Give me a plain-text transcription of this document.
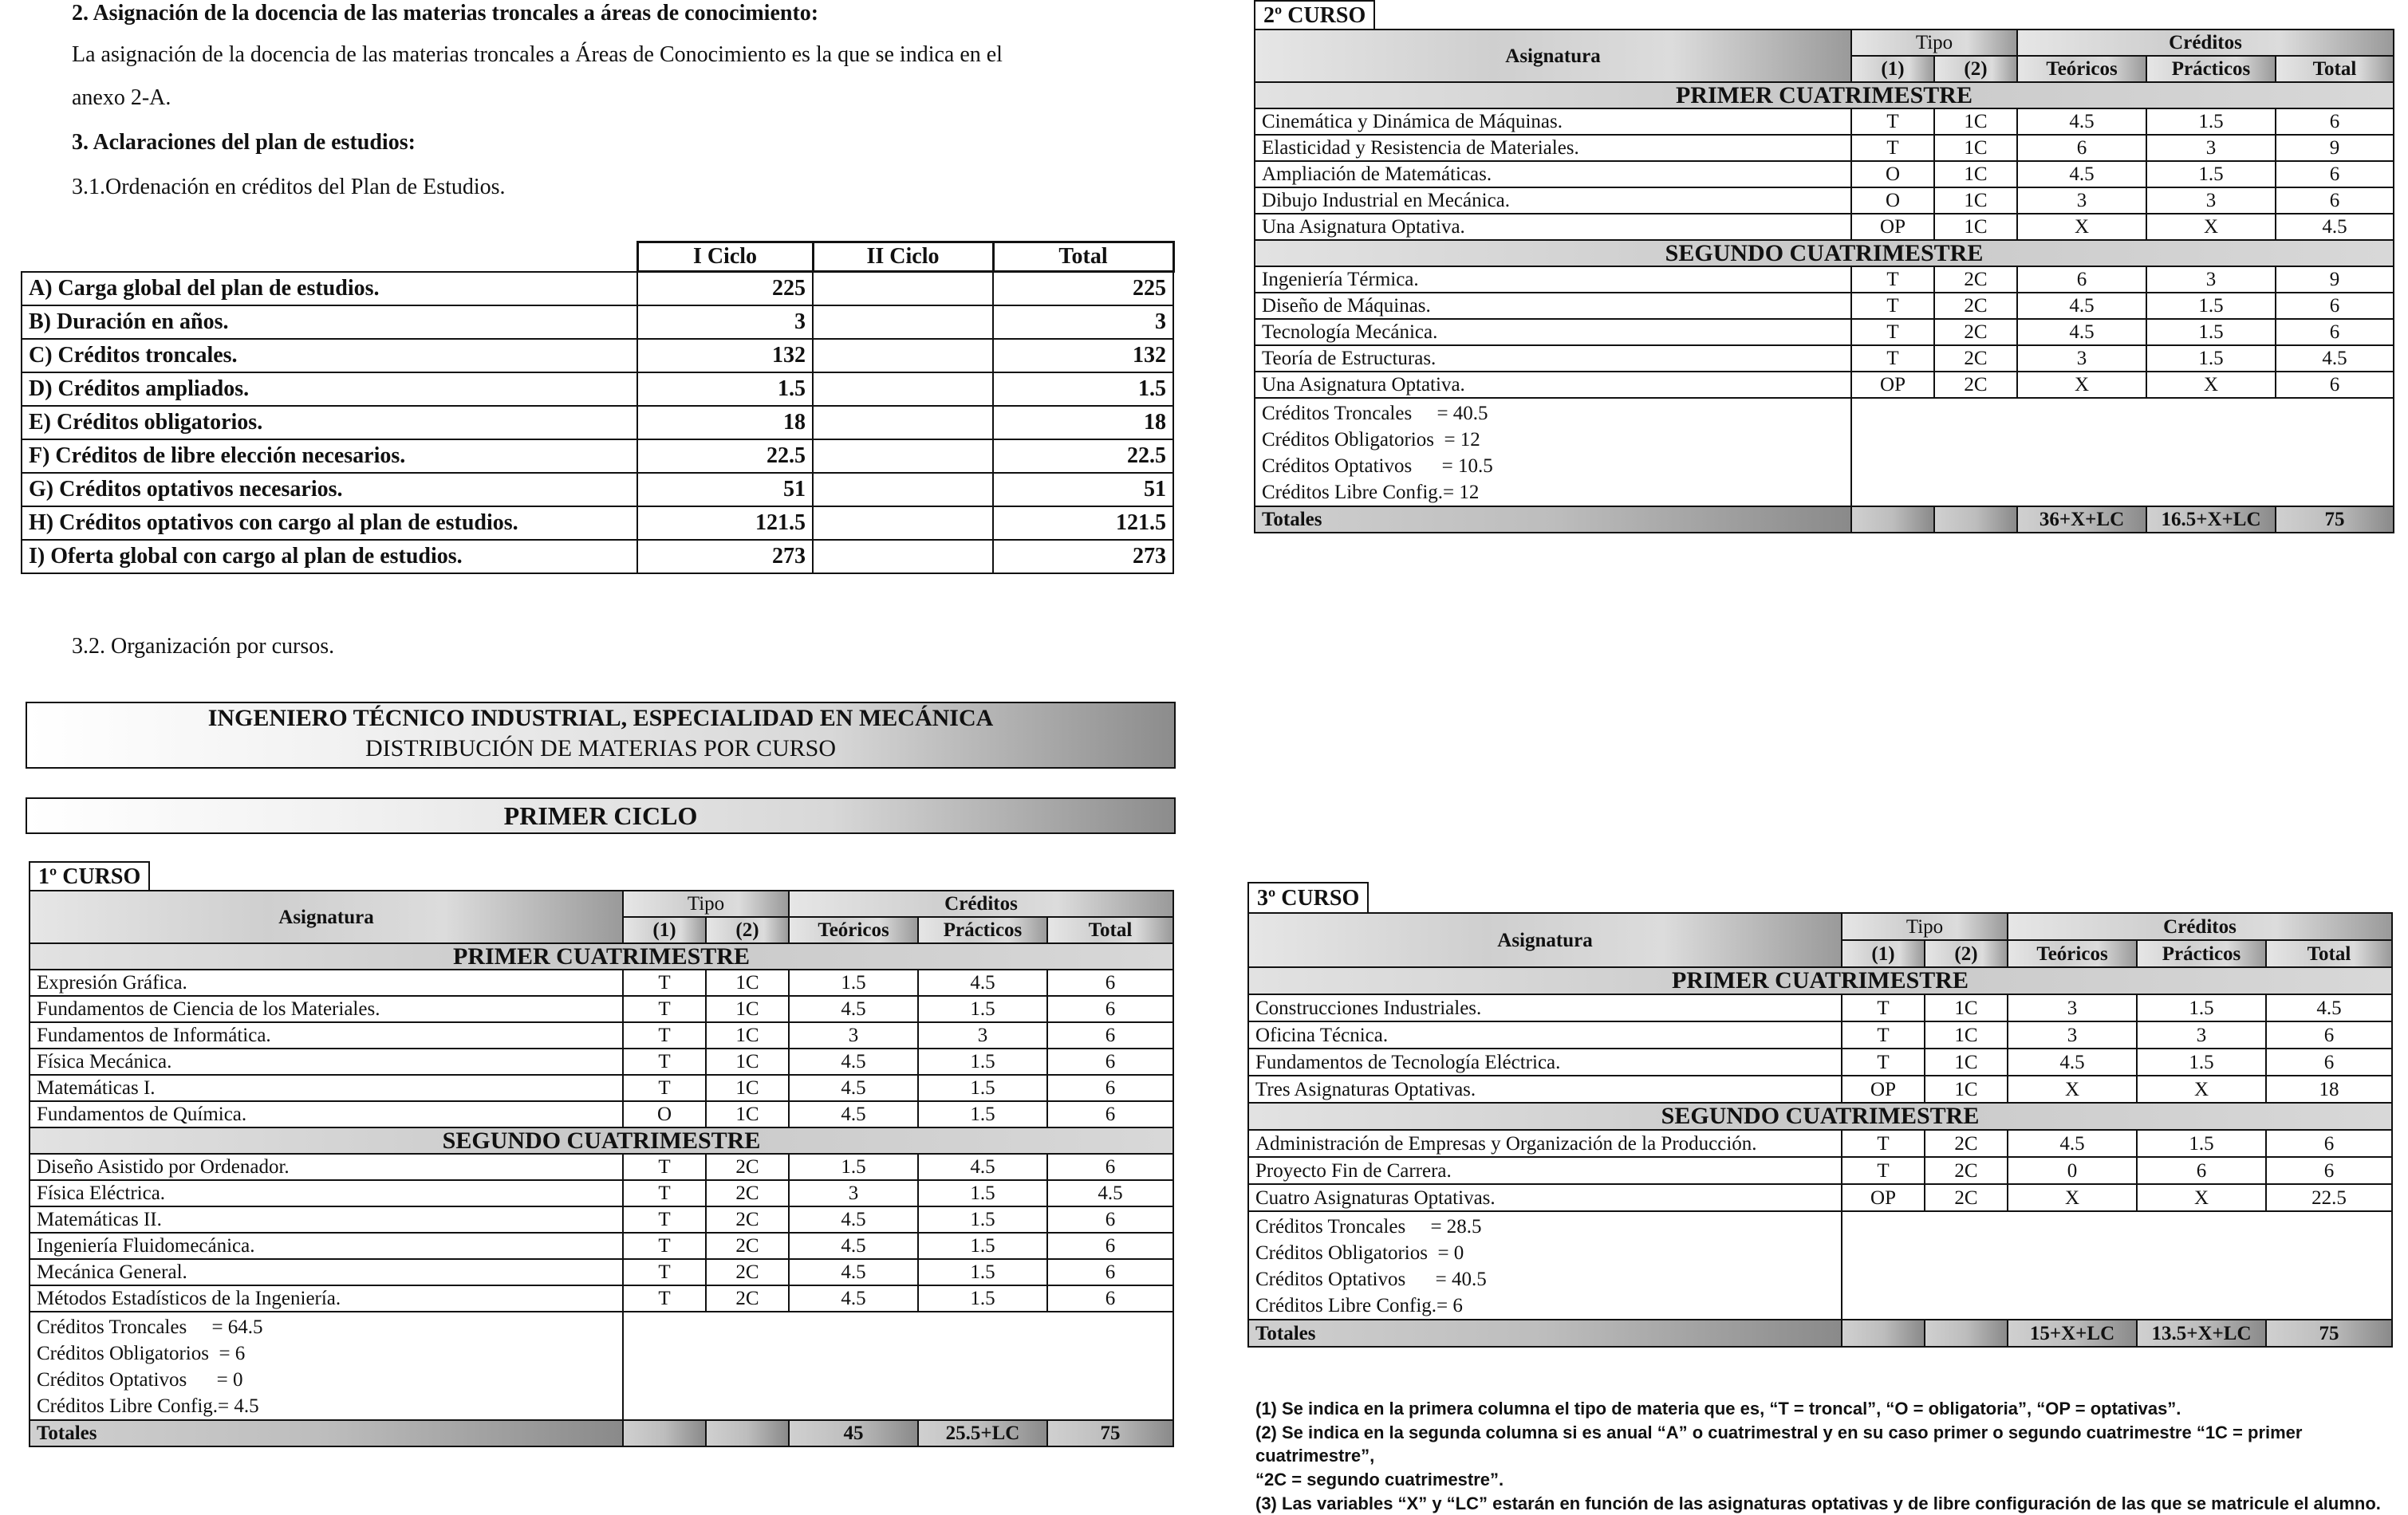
2. Asignación de la docencia de las materias troncales a áreas de conocimiento:
La asignación de la docencia de las materias troncales a Áreas de Conocimiento es la que se indica en el
anexo 2-A.
3. Aclaraciones del plan de estudios:
3.1.Ordenación en créditos del Plan de Estudios.
	I Ciclo	II Ciclo	Total
A) Carga global del plan de estudios.	225		225
B) Duración en años.	3		3
C) Créditos troncales.	132		132
D) Créditos ampliados.	1.5		1.5
E) Créditos obligatorios.	18		18
F) Créditos de libre elección necesarios.	22.5		22.5
G) Créditos optativos necesarios.	51		51
H) Créditos optativos con cargo al plan de estudios.	121.5		121.5
I) Oferta global con cargo al plan de estudios.	273		273
3.2. Organización por cursos.
INGENIERO TÉCNICO INDUSTRIAL, ESPECIALIDAD EN MECÁNICA
DISTRIBUCIÓN DE MATERIAS POR CURSO
PRIMER CICLO
1º CURSO
Asignatura	Tipo		Créditos		
	(1)	(2)	Teóricos	Prácticos	Total
PRIMER CUATRIMESTRE					
Expresión Gráfica.	T	1C	1.5	4.5	6
Fundamentos de Ciencia de los Materiales.	T	1C	4.5	1.5	6
Fundamentos de Informática.	T	1C	3	3	6
Física Mecánica.	T	1C	4.5	1.5	6
Matemáticas I.	T	1C	4.5	1.5	6
Fundamentos de Química.	O	1C	4.5	1.5	6
SEGUNDO CUATRIMESTRE					
Diseño Asistido por Ordenador.	T	2C	1.5	4.5	6
Física Eléctrica.	T	2C	3	1.5	4.5
Matemáticas II.	T	2C	4.5	1.5	6
Ingeniería Fluidomecánica.	T	2C	4.5	1.5	6
Mecánica General.	T	2C	4.5	1.5	6
Métodos Estadísticos de la Ingeniería.	T	2C	4.5	1.5	6

Créditos Troncales     = 64.5
Créditos Obligatorios  = 6
Créditos Optativos      = 0
Créditos Libre Config.= 4.5					

Totales			45	25.5+LC	75
2º CURSO
Asignatura	Tipo		Créditos		
	(1)	(2)	Teóricos	Prácticos	Total
PRIMER CUATRIMESTRE					
Cinemática y Dinámica de Máquinas.	T	1C	4.5	1.5	6
Elasticidad y Resistencia de Materiales.	T	1C	6	3	9
Ampliación de Matemáticas.	O	1C	4.5	1.5	6
Dibujo Industrial en Mecánica.	O	1C	3	3	6
Una Asignatura Optativa.	OP	1C	X	X	4.5
SEGUNDO CUATRIMESTRE					
Ingeniería Térmica.	T	2C	6	3	9
Diseño de Máquinas.	T	2C	4.5	1.5	6
Tecnología Mecánica.	T	2C	4.5	1.5	6
Teoría de Estructuras.	T	2C	3	1.5	4.5
Una Asignatura Optativa.	OP	2C	X	X	6

Créditos Troncales     = 40.5
Créditos Obligatorios  = 12
Créditos Optativos      = 10.5
Créditos Libre Config.= 12					

Totales			36+X+LC	16.5+X+LC	75
3º CURSO
Asignatura	Tipo		Créditos		
	(1)	(2)	Teóricos	Prácticos	Total
PRIMER CUATRIMESTRE					
Construcciones Industriales.	T	1C	3	1.5	4.5
Oficina Técnica.	T	1C	3	3	6
Fundamentos de Tecnología Eléctrica.	T	1C	4.5	1.5	6
Tres Asignaturas Optativas.	OP	1C	X	X	18
SEGUNDO CUATRIMESTRE					
Administración de Empresas y Organización de la Producción.	T	2C	4.5	1.5	6
Proyecto Fin de Carrera.	T	2C	0	6	6
Cuatro Asignaturas Optativas.	OP	2C	X	X	22.5

Créditos Troncales     = 28.5
Créditos Obligatorios  = 0
Créditos Optativos      = 40.5
Créditos Libre Config.= 6					

Totales			15+X+LC	13.5+X+LC	75
(1) Se indica en la primera columna el tipo de materia que es, “T = troncal”, “O = obligatoria”, “OP = optativas”.
(2) Se indica en la segunda columna si es anual “A” o cuatrimestral y en su caso primer o segundo cuatrimestre “1C = primer cuatrimestre”,
“2C = segundo cuatrimestre”.
(3) Las variables “X” y “LC” estarán en función de las asignaturas optativas y de libre configuración de las que se matricule el alumno.
